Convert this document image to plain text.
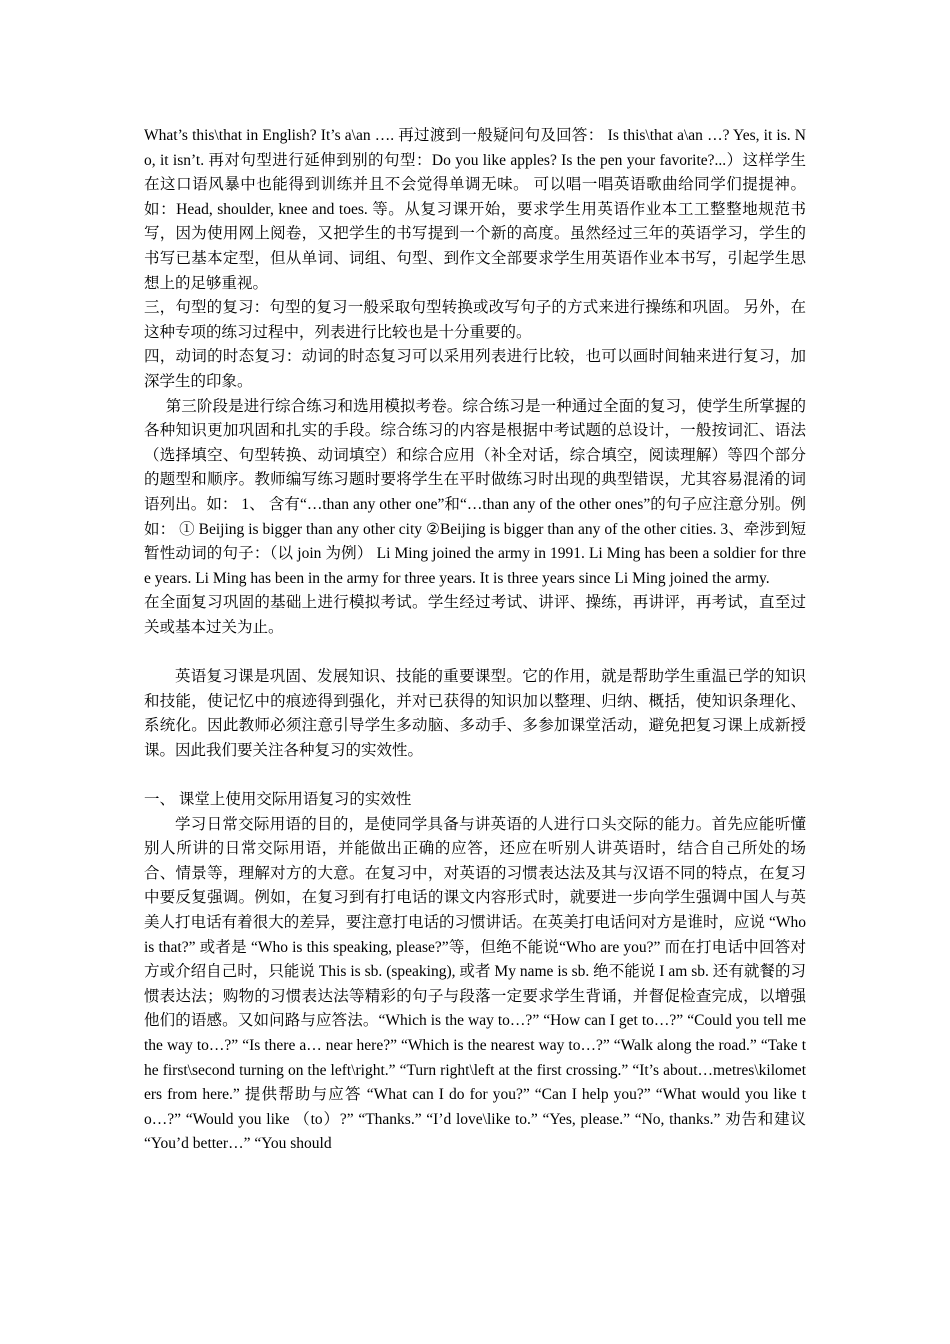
What’s this\that in English? It’s a\an …. 再过渡到一般疑问句及回答： Is this\that a\an …? Yes, it is. No, it isn’t. 再对句型进行延伸到别的句型：Do you like apples? Is the pen your favorite?...）这样学生在这口语风暴中也能得到训练并且不会觉得单调无味。 可以唱一唱英语歌曲给同学们提提神。如：Head, shoulder, knee and toes. 等。从复习课开始，要求学生用英语作业本工工整整地规范书写，因为使用网上阅卷，又把学生的书写提到一个新的高度。虽然经过三年的英语学习，学生的书写已基本定型，但从单词、词组、句型、到作文全部要求学生用英语作业本书写，引起学生思想上的足够重视。

三，句型的复习：句型的复习一般采取句型转换或改写句子的方式来进行操练和巩固。 另外，在这种专项的练习过程中，列表进行比较也是十分重要的。

四，动词的时态复习：动词的时态复习可以采用列表进行比较，也可以画时间轴来进行复习，加深学生的印象。

第三阶段是进行综合练习和选用模拟考卷。综合练习是一种通过全面的复习，使学生所掌握的各种知识更加巩固和扎实的手段。综合练习的内容是根据中考试题的总设计，一般按词汇、语法（选择填空、句型转换、动词填空）和综合应用（补全对话，综合填空，阅读理解）等四个部分的题型和顺序。教师编写练习题时要将学生在平时做练习时出现的典型错误，尤其容易混淆的词语列出。如： 1、 含有“…than any other one”和“…than any of the other ones”的句子应注意分别。例如： ① Beijing is bigger than any other city ②Beijing is bigger than any of the other cities. 3、牵涉到短暂性动词的句子：（以 join 为例） Li Ming joined the army in 1991. Li Ming has been a soldier for three years. Li Ming has been in the army for three years. It is three years since Li Ming joined the army.

在全面复习巩固的基础上进行模拟考试。学生经过考试、讲评、操练，再讲评，再考试，直至过关或基本过关为止。

英语复习课是巩固、发展知识、技能的重要课型。它的作用，就是帮助学生重温已学的知识和技能，使记忆中的痕迹得到强化，并对已获得的知识加以整理、归纳、概括，使知识条理化、系统化。因此教师必须注意引导学生多动脑、多动手、多参加课堂活动，避免把复习课上成新授课。因此我们要关注各种复习的实效性。

一、 课堂上使用交际用语复习的实效性

学习日常交际用语的目的，是使同学具备与讲英语的人进行口头交际的能力。首先应能听懂别人所讲的日常交际用语，并能做出正确的应答，还应在听别人讲英语时，结合自己所处的场合、情景等，理解对方的大意。在复习中，对英语的习惯表达法及其与汉语不同的特点，在复习中要反复强调。例如，在复习到有打电话的课文内容形式时，就要进一步向学生强调中国人与英美人打电话有着很大的差异，要注意打电话的习惯讲话。在英美打电话问对方是谁时，应说 “Who is that?” 或者是 “Who is this speaking, please?”等，但绝不能说“Who are you?” 而在打电话中回答对方或介绍自己时，只能说 This is sb. (speaking), 或者 My name is sb. 绝不能说 I am sb. 还有就餐的习惯表达法；购物的习惯表达法等精彩的句子与段落一定要求学生背诵，并督促检查完成，以增强他们的语感。又如问路与应答法。“Which is the way to…?” “How can I get to…?” “Could you tell me the way to…?” “Is there a… near here?” “Which is the nearest way to…?” “Walk along the road.” “Take the first\second turning on the left\right.” “Turn right\left at the first crossing.” “It’s about…metres\kilometers from here.” 提供帮助与应答 “What can I do for you?” “Can I help you?” “What would you like to…?” “Would you like （to）?” “Thanks.” “I’d love\like to.” “Yes, please.” “No, thanks.” 劝告和建议 “You’d better…” “You should
